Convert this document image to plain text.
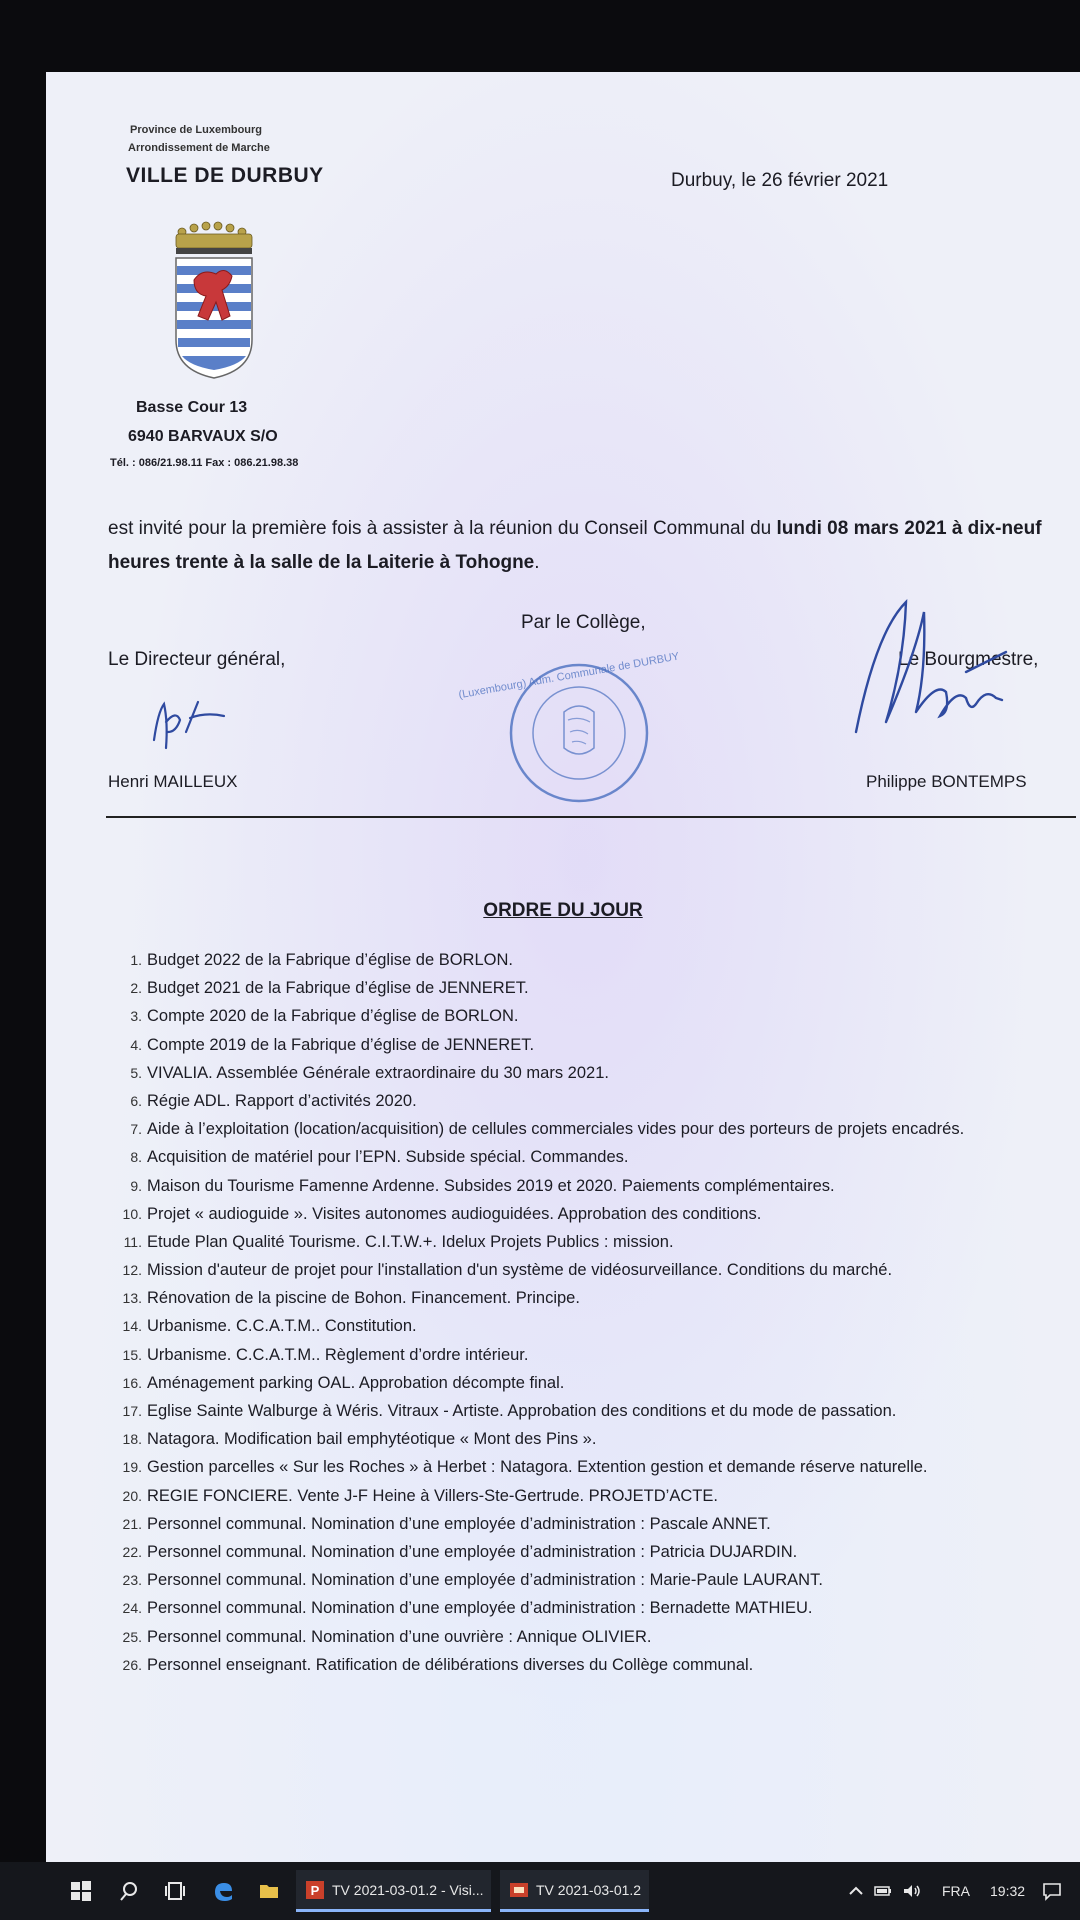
Province de Luxembourg
Arrondissement de Marche
VILLE DE DURBUY	Durbuy, le 26 février 2021
Basse Cour 13
6940 BARVAUX S/O
Tél. : 086/21.98.11 Fax : 086.21.98.38
est invité pour la première fois à assister à la réunion du Conseil Communal du lundi 08 mars 2021 à dix-neuf heures trente à la salle de la Laiterie à Tohogne.
Par le Collège,
Le Directeur général,	Le Bourgmestre,
(Luxembourg) Adm. Communale de DURBUY
Henri MAILLEUX	Philippe BONTEMPS
ORDRE DU JOUR
1. Budget 2022 de la Fabrique d’église de BORLON.
2. Budget 2021 de la Fabrique d’église de JENNERET.
3. Compte 2020 de la Fabrique d’église de BORLON.
4. Compte 2019 de la Fabrique d’église de JENNERET.
5. VIVALIA. Assemblée Générale extraordinaire du 30 mars 2021.
6. Régie ADL. Rapport d’activités 2020.
7. Aide à l’exploitation (location/acquisition) de cellules commerciales vides pour des porteurs de projets encadrés.
8. Acquisition de matériel pour l’EPN. Subside spécial. Commandes.
9. Maison du Tourisme Famenne Ardenne. Subsides 2019 et 2020. Paiements complémentaires.
10. Projet « audioguide ». Visites autonomes audioguidées. Approbation des conditions.
11. Etude Plan Qualité Tourisme. C.I.T.W.+. Idelux Projets Publics : mission.
12. Mission d'auteur de projet pour l'installation d'un système de vidéosurveillance. Conditions du marché.
13. Rénovation de la piscine de Bohon. Financement. Principe.
14. Urbanisme. C.C.A.T.M.. Constitution.
15. Urbanisme. C.C.A.T.M.. Règlement d’ordre intérieur.
16. Aménagement parking OAL. Approbation décompte final.
17. Eglise Sainte Walburge à Wéris. Vitraux - Artiste. Approbation des conditions et du mode de passation.
18. Natagora. Modification bail emphytéotique « Mont des Pins ».
19. Gestion parcelles « Sur les Roches » à Herbet : Natagora. Extention gestion et demande réserve naturelle.
20. REGIE FONCIERE. Vente J-F Heine à Villers-Ste-Gertrude. PROJETD’ACTE.
21. Personnel communal. Nomination d’une employée d’administration : Pascale ANNET.
22. Personnel communal. Nomination d’une employée d’administration : Patricia DUJARDIN.
23. Personnel communal. Nomination d’une employée d’administration : Marie-Paule LAURANT.
24. Personnel communal. Nomination d’une employée d’administration : Bernadette MATHIEU.
25. Personnel communal. Nomination d’une ouvrière : Annique OLIVIER.
26. Personnel enseignant. Ratification de délibérations diverses du Collège communal.
P TV 2021-03-01.2 - Visi...	TV 2021-03-01.2	FRA 19:32
